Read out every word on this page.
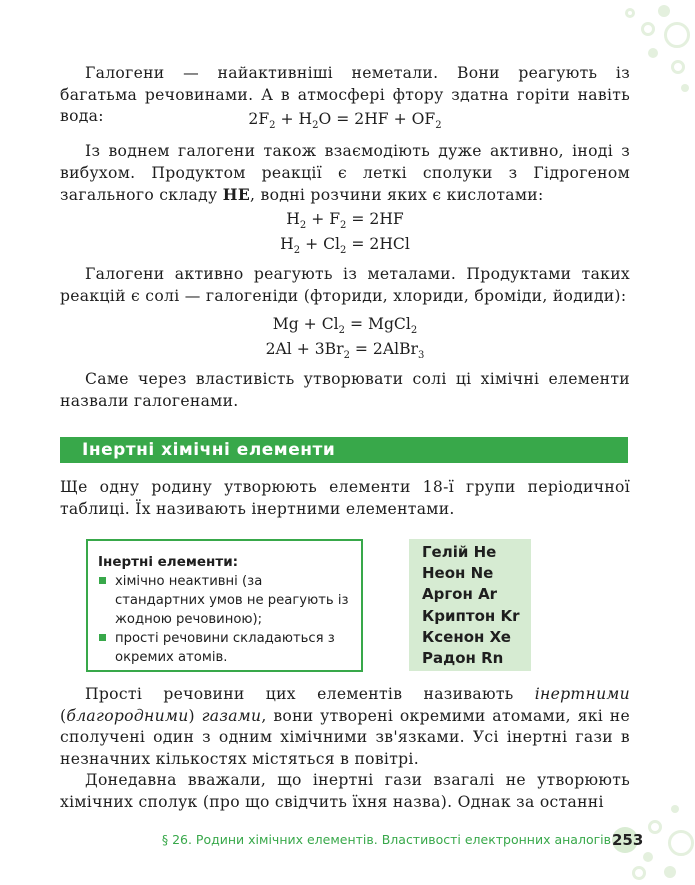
Галогени — найактивніші неметали. Вони реагують із багатьма речовинами. А в атмосфері фтору здатна горіти навіть вода:	$2F_2 + H_2O = 2HF + OF_2$

Із воднем галогени також взаємодіють дуже активно, іноді з вибухом. Продуктом реакції є леткі сполуки з Гідрогеном загального складу HE, водні розчини яких є кислотами:

$H_2 + F_2 = 2HF$
$H_2 + Cl_2 = 2HCl$

Галогени активно реагують із металами. Продуктами таких реакцій є солі — галогеніди (фториди, хлориди, броміди, йодиди):

$Mg + Cl_2$ = MgCl$_2$
$2Al + 3Br_2$ = 2AlBr$_3$

Саме через властивість утворювати солі ці хімічні елементи назвали галогенами.

Інертні хімічні елементи

Ще одну родину утворюють елементи 18-ї групи періодичної таблиці. Їх називають інертними елементами.

Інертні елементи:
хімічно неактивні (за стандартних умов не реагують із жодною речовиною);
прості речовини складаються з окремих атомів.
Гелій He
Неон Ne
Аргон Ar
Криптон Kr
Ксенон Xe
Радон Rn

Прості речовини цих елементів називають інертними (благородними) газами, вони утворені окремими атомами, які не сполучені один з одним хімічними зв'язками. Усі інертні гази в незначних кількостях містяться в повітрі.

Донедавна вважали, що інертні гази взагалі не утворюють хімічних сполук (про що свідчить їхня назва). Однак за останні

§ 26. Родини хімічних елементів. Властивості електронних аналогів 253
